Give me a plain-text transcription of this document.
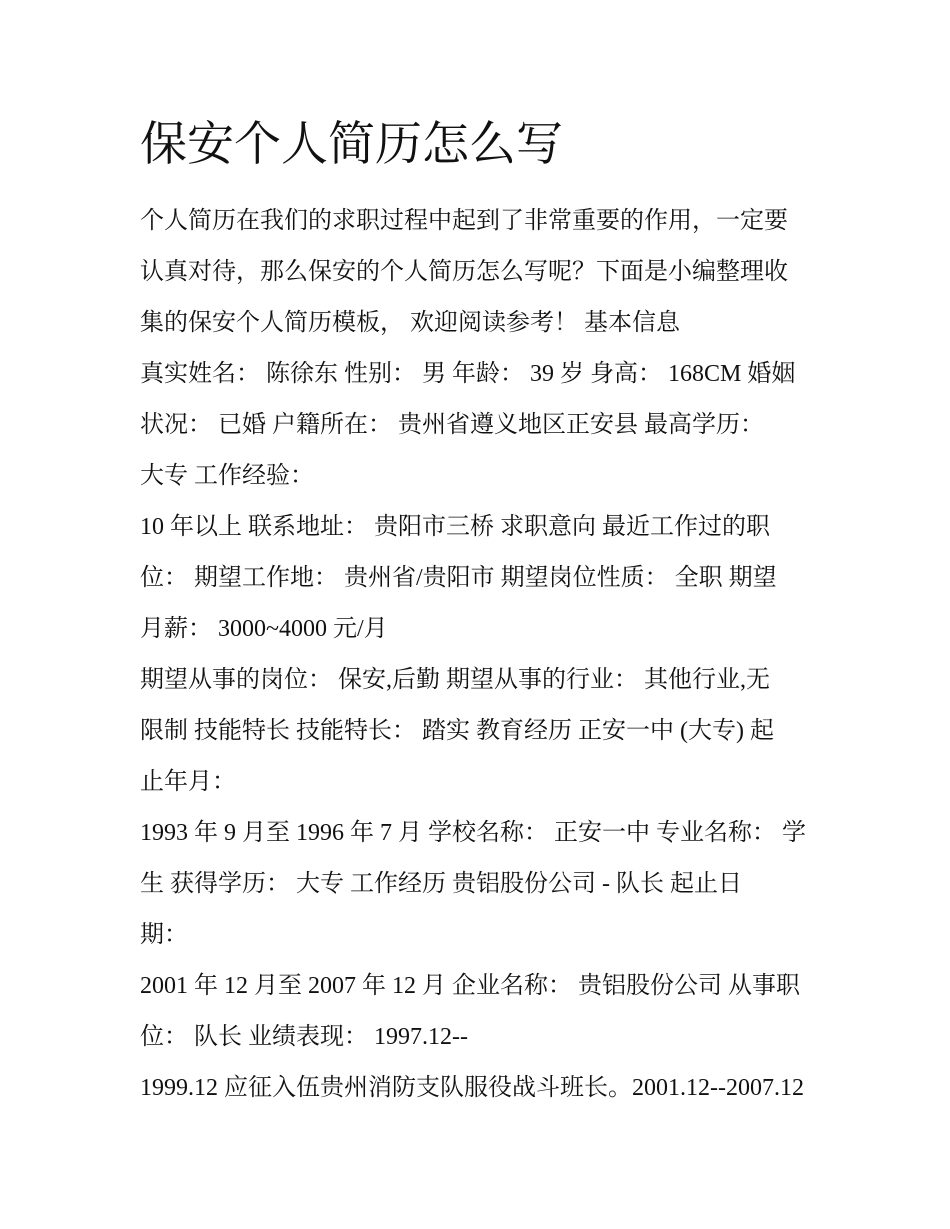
保安个人简历怎么写
个人简历在我们的求职过程中起到了非常重要的作用，一定要
认真对待，那么保安的个人简历怎么写呢？下面是小编整理收
集的保安个人简历模板， 欢迎阅读参考！ 基本信息
真实姓名： 陈徐东 性别： 男 年龄： 39 岁 身高： 168CM 婚姻
状况： 已婚 户籍所在： 贵州省遵义地区正安县 最高学历：
大专 工作经验：
10 年以上 联系地址： 贵阳市三桥 求职意向 最近工作过的职
位： 期望工作地： 贵州省/贵阳市 期望岗位性质： 全职 期望
月薪： 3000~4000 元/月
期望从事的岗位： 保安,后勤 期望从事的行业： 其他行业,无
限制 技能特长 技能特长： 踏实 教育经历 正安一中 (大专) 起
止年月：
1993 年 9 月至 1996 年 7 月 学校名称： 正安一中 专业名称： 学
生 获得学历： 大专 工作经历 贵铝股份公司 - 队长 起止日
期：
2001 年 12 月至 2007 年 12 月 企业名称： 贵铝股份公司 从事职
位： 队长 业绩表现： 1997.12--
1999.12 应征入伍贵州消防支队服役战斗班长。2001.12--2007.12
